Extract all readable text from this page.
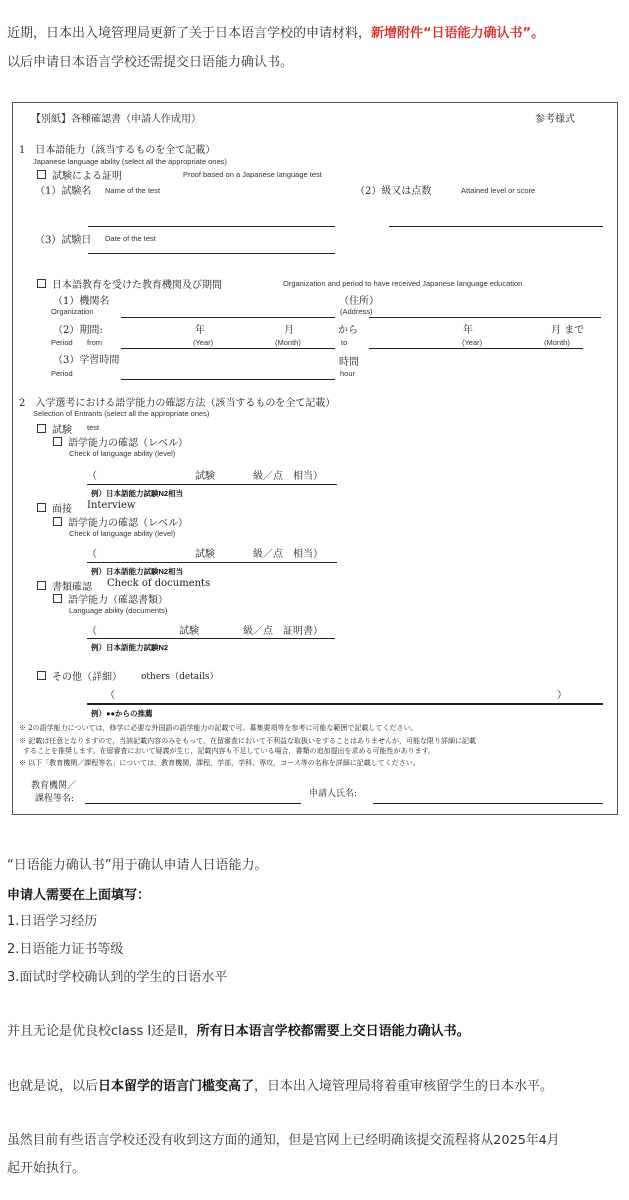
近期，日本出入境管理局更新了关于日本语言学校的申请材料，新增附件“日语能力确认书”。
以后申请日本语言学校还需提交日语能力确认书。
【別紙】各種確認書（申請人作成用）	参考様式
1　日本語能力（該当するものを全て記載）
Japanese language ability (select all the appropriate ones)
試験による証明	Proof based on a Japanese language test
（1）試験名 Name of the test	（2）級又は点数	Attained level or score
（3）試験日 Date of the test
日本語教育を受けた教育機関及び期間	Organization and period to have received Japanese language education
（1）機関名
Organization
（住所）
(Address)
（2）期間:
Period from
年	月
(Year)	(Month)
から
to
年	月 まで
(Year)	(Month)
（3）学習時間
Period
時間
hour
2　入学選考における語学能力の確認方法（該当するものを全て記載）
Selection of Entrants (select all the appropriate ones)
試験 test
語学能力の確認（レベル）
Check of language ability (level)
（	試験	級／点　相当）
例）日本語能力試験N2相当
面接 Interview
語学能力の確認（レベル）
Check of language ability (level)
（	試験	級／点　相当）
例）日本語能力試験N2相当
書類確認 Check of documents
語学能力（確認書類）
Language ability (documents)
（	試験	級／点　証明書）
例）日本語能力試験N2
その他（詳細） others（details）
（	）
例）●●からの推薦
※ 2の語学能力については，修学に必要な外国語の語学能力の記載で可。募集要項等を参考に可能な範囲で記載してください。
※ 記載は任意となりますので，当該記載内容のみをもって，在留審査において不利益な取扱いをすることはありませんが，可能な限り詳細に記載
することを推奨します。在留審査において疑義が生じ，記載内容も不足している場合，書類の追加提出を求める可能性があります。
※ 以下「教育機関／課程等名」については，教育機関，課程，学部，学科，専攻，コース等の名称を詳細に記載してください。
教育機関／
課程等名:	申請人氏名:
“日语能力确认书”用于确认申请人日语能力。
申请人需要在上面填写：
1.日语学习经历
2.日语能力证书等级
3.面试时学校确认到的学生的日语水平
并且无论是优良校class Ⅰ还是Ⅱ，所有日本语言学校都需要上交日语能力确认书。
也就是说，以后日本留学的语言门槛变高了，日本出入境管理局将着重审核留学生的日本水平。
虽然目前有些语言学校还没有收到这方面的通知，但是官网上已经明确该提交流程将从2025年4月
起开始执行。
